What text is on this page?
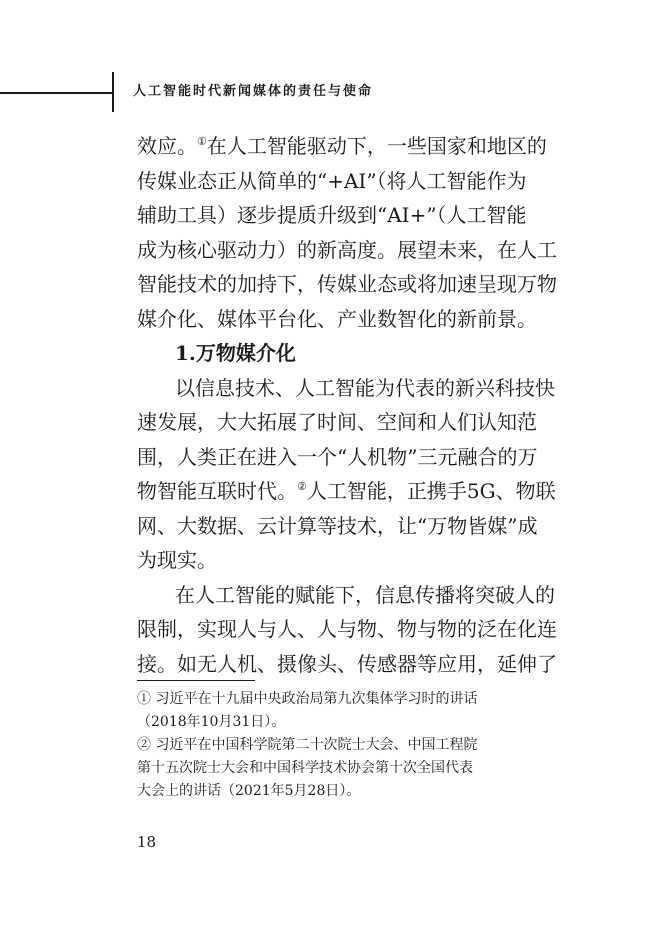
人工智能时代新闻媒体的责任与使命

效应。①在人工智能驱动下，一些国家和地区的

传媒业态正从简单的“+AI”（将人工智能作为

辅助工具）逐步提质升级到“AI+”（人工智能

成为核心驱动力）的新高度。展望未来，在人工

智能技术的加持下，传媒业态或将加速呈现万物

媒介化、媒体平台化、产业数智化的新前景。

1.万物媒介化

以信息技术、人工智能为代表的新兴科技快

速发展，大大拓展了时间、空间和人们认知范

围，人类正在进入一个“人机物”三元融合的万

物智能互联时代。②人工智能，正携手5G、物联

网、大数据、云计算等技术，让“万物皆媒”成

为现实。

在人工智能的赋能下，信息传播将突破人的

限制，实现人与人、人与物、物与物的泛在化连

接。如无人机、摄像头、传感器等应用，延伸了

① 习近平在十九届中央政治局第九次集体学习时的讲话

（2018年10月31日）。

② 习近平在中国科学院第二十次院士大会、中国工程院

第十五次院士大会和中国科学技术协会第十次全国代表

大会上的讲话（2021年5月28日）。

18
